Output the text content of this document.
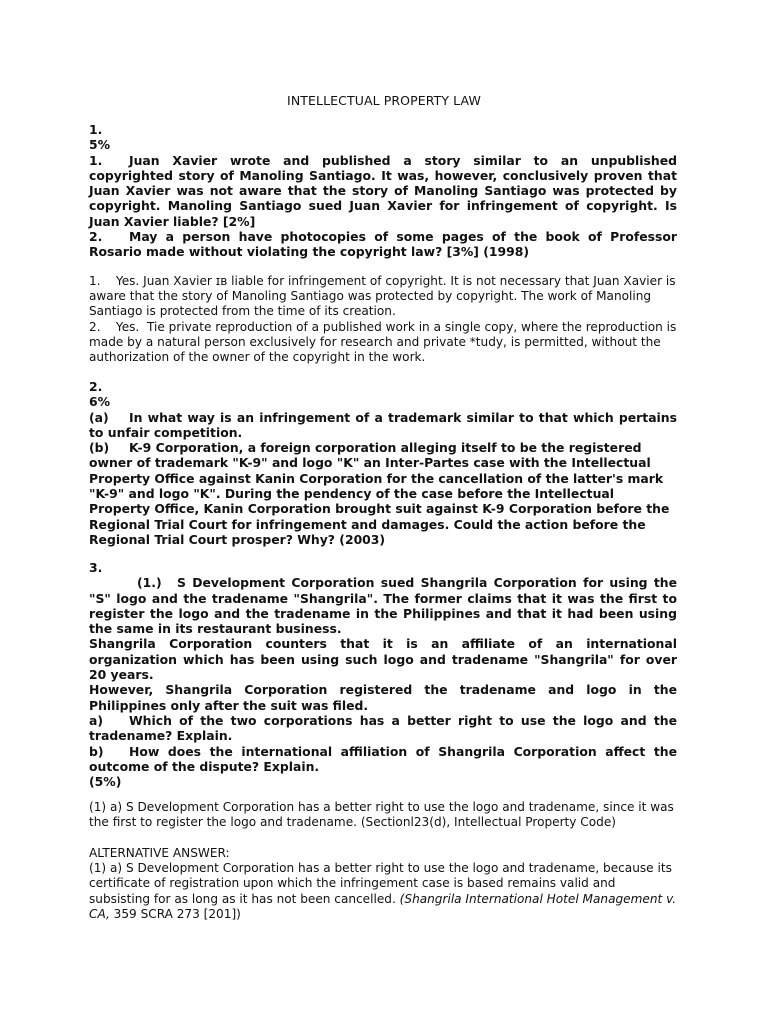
INTELLECTUAL PROPERTY LAW
1.
5%
1. Juan Xavier wrote and published a story similar to an unpublished copyrighted story of Manoling Santiago. It was, however, conclusively proven that Juan Xavier was not aware that the story of Manoling Santiago was protected by copyright. Manoling Santiago sued Juan Xavier for infringement of copyright. Is Juan Xavier liable? [2%]
2. May a person have photocopies of some pages of the book of Professor Rosario made without violating the copyright law? [3%] (1998)
1.    Yes. Juan Xavier ɪʙ liable for infringement of copyright. It is not necessary that Juan Xavier is aware that the story of Manoling Santiago was protected by copyright. The work of Manoling Santiago is protected from the time of its creation.
2.    Yes.  Tie private reproduction of a published work in a single copy, where the reproduction is made by a natural person exclusively for research and private *tudy, is permitted, without the authorization of the owner of the copyright in the work.
2.
6%
(a) In what way is an infringement of a trademark similar to that which pertains to unfair competition.
(b) K-9 Corporation, a foreign corporation alleging itself to be the registered owner of trademark "K-9" and logo "K" an Inter-Partes case with the Intellectual Property Office against Kanin Corporation for the cancellation of the latter's mark "K-9" and logo "K". During the pendency of the case before the Intellectual Property Office, Kanin Corporation brought suit against K-9 Corporation before the Regional Trial Court for infringement and damages. Could the action before the Regional Trial Court prosper? Why? (2003)
3.
(1.) S Development Corporation sued Shangrila Corporation for using the "S" logo and the tradename "Shangrila". The former claims that it was the first to register the logo and the tradename in the Philippines and that it had been using the same in its restaurant business.
Shangrila Corporation counters that it is an affiliate of an international organization which has been using such logo and tradename "Shangrila" for over 20 years.
However, Shangrila Corporation registered the tradename and logo in the Philippines only after the suit was filed.
a) Which of the two corporations has a better right to use the logo and the tradename? Explain.
b) How does the international affiliation of Shangrila Corporation affect the outcome of the dispute? Explain.
(5%)
(1) a) S Development Corporation has a better right to use the logo and tradename, since it was the first to register the logo and tradename. (Sectionl23(d), Intellectual Property Code)
ALTERNATIVE ANSWER:
(1) a) S Development Corporation has a better right to use the logo and tradename, because its certificate of registration upon which the infringement case is based remains valid and subsisting for as long as it has not been cancelled. (Shangrila International Hotel Management v. CA, 359 SCRA 273 [201])
